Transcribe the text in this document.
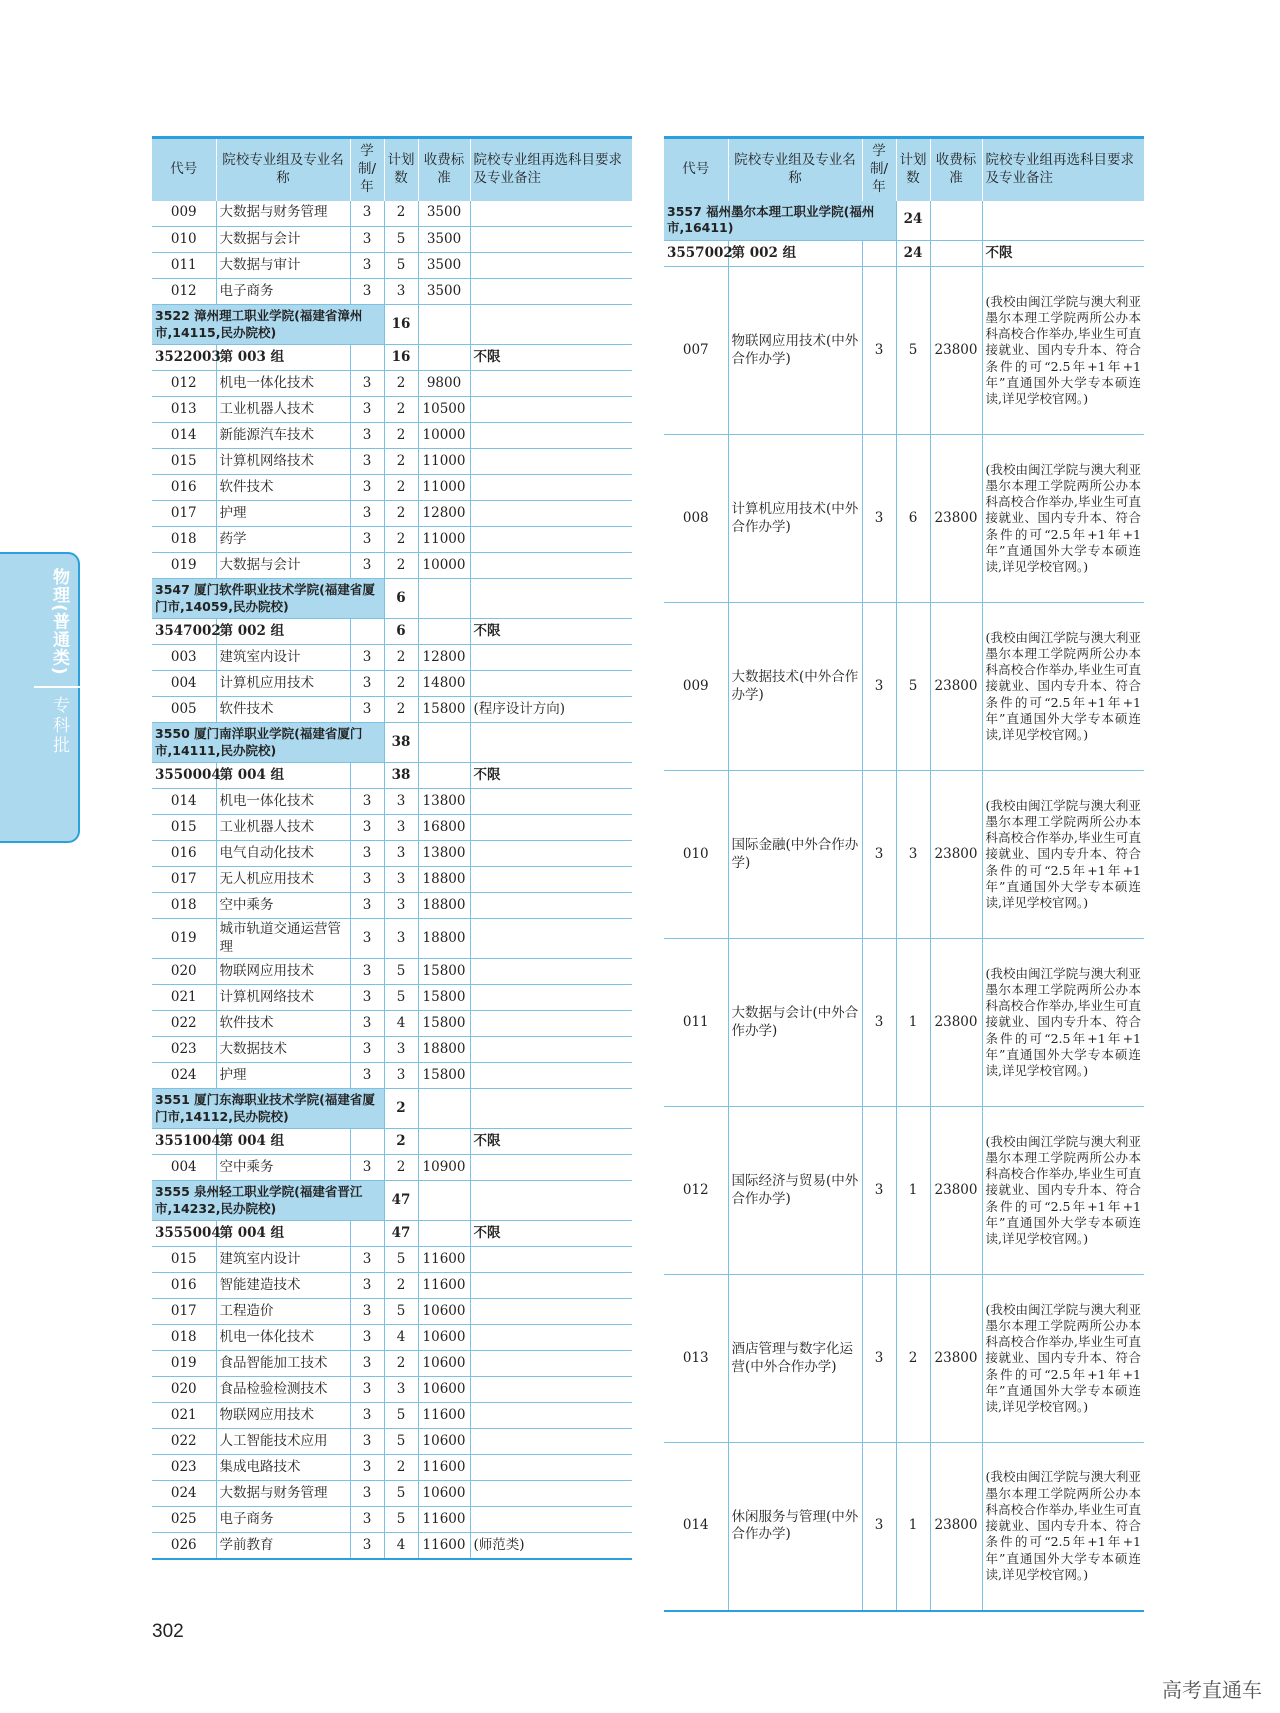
物理(普通类)
专科批
代号	院校专业组及专业名称	学制/年	计划数	收费标准	院校专业组再选科目要求及专业备注
009	大数据与财务管理	3	2	3500	
010	大数据与会计	3	5	3500	
011	大数据与审计	3	5	3500	
012	电子商务	3	3	3500	
3522 漳州理工职业学院(福建省漳州市,14115,民办院校)			16		
3522003	第 003 组		16		不限
012	机电一体化技术	3	2	9800	
013	工业机器人技术	3	2	10500	
014	新能源汽车技术	3	2	10000	
015	计算机网络技术	3	2	11000	
016	软件技术	3	2	11000	
017	护理	3	2	12800	
018	药学	3	2	11000	
019	大数据与会计	3	2	10000	
3547 厦门软件职业技术学院(福建省厦门市,14059,民办院校)			6		
3547002	第 002 组		6		不限
003	建筑室内设计	3	2	12800	
004	计算机应用技术	3	2	14800	
005	软件技术	3	2	15800	(程序设计方向)
3550 厦门南洋职业学院(福建省厦门市,14111,民办院校)			38		
3550004	第 004 组		38		不限
014	机电一体化技术	3	3	13800	
015	工业机器人技术	3	3	16800	
016	电气自动化技术	3	3	13800	
017	无人机应用技术	3	3	18800	
018	空中乘务	3	3	18800	
019	城市轨道交通运营管理	3	3	18800	
020	物联网应用技术	3	5	15800	
021	计算机网络技术	3	5	15800	
022	软件技术	3	4	15800	
023	大数据技术	3	3	18800	
024	护理	3	3	15800	
3551 厦门东海职业技术学院(福建省厦门市,14112,民办院校)			2		
3551004	第 004 组		2		不限
004	空中乘务	3	2	10900	
3555 泉州轻工职业学院(福建省晋江市,14232,民办院校)			47		
3555004	第 004 组		47		不限
015	建筑室内设计	3	5	11600	
016	智能建造技术	3	2	11600	
017	工程造价	3	5	10600	
018	机电一体化技术	3	4	10600	
019	食品智能加工技术	3	2	10600	
020	食品检验检测技术	3	3	10600	
021	物联网应用技术	3	5	11600	
022	人工智能技术应用	3	5	10600	
023	集成电路技术	3	2	11600	
024	大数据与财务管理	3	5	10600	
025	电子商务	3	5	11600	
026	学前教育	3	4	11600	(师范类)
代号	院校专业组及专业名称	学制/年	计划数	收费标准	院校专业组再选科目要求及专业备注
3557 福州墨尔本理工职业学院(福州市,16411)			24		
3557002	第 002 组		24		不限
007	物联网应用技术(中外合作办学)	3	5	23800	(我校由闽江学院与澳大利亚墨尔本理工学院两所公办本科高校合作举办,毕业生可直接就业、国内专升本、符合条件的可“2.5年+1年+1年”直通国外大学专本硕连读,详见学校官网。)
008	计算机应用技术(中外合作办学)	3	6	23800	(我校由闽江学院与澳大利亚墨尔本理工学院两所公办本科高校合作举办,毕业生可直接就业、国内专升本、符合条件的可“2.5年+1年+1年”直通国外大学专本硕连读,详见学校官网。)
009	大数据技术(中外合作办学)	3	5	23800	(我校由闽江学院与澳大利亚墨尔本理工学院两所公办本科高校合作举办,毕业生可直接就业、国内专升本、符合条件的可“2.5年+1年+1年”直通国外大学专本硕连读,详见学校官网。)
010	国际金融(中外合作办学)	3	3	23800	(我校由闽江学院与澳大利亚墨尔本理工学院两所公办本科高校合作举办,毕业生可直接就业、国内专升本、符合条件的可“2.5年+1年+1年”直通国外大学专本硕连读,详见学校官网。)
011	大数据与会计(中外合作办学)	3	1	23800	(我校由闽江学院与澳大利亚墨尔本理工学院两所公办本科高校合作举办,毕业生可直接就业、国内专升本、符合条件的可“2.5年+1年+1年”直通国外大学专本硕连读,详见学校官网。)
012	国际经济与贸易(中外合作办学)	3	1	23800	(我校由闽江学院与澳大利亚墨尔本理工学院两所公办本科高校合作举办,毕业生可直接就业、国内专升本、符合条件的可“2.5年+1年+1年”直通国外大学专本硕连读,详见学校官网。)
013	酒店管理与数字化运营(中外合作办学)	3	2	23800	(我校由闽江学院与澳大利亚墨尔本理工学院两所公办本科高校合作举办,毕业生可直接就业、国内专升本、符合条件的可“2.5年+1年+1年”直通国外大学专本硕连读,详见学校官网。)
014	休闲服务与管理(中外合作办学)	3	1	23800	(我校由闽江学院与澳大利亚墨尔本理工学院两所公办本科高校合作举办,毕业生可直接就业、国内专升本、符合条件的可“2.5年+1年+1年”直通国外大学专本硕连读,详见学校官网。)
302
高考直通车
